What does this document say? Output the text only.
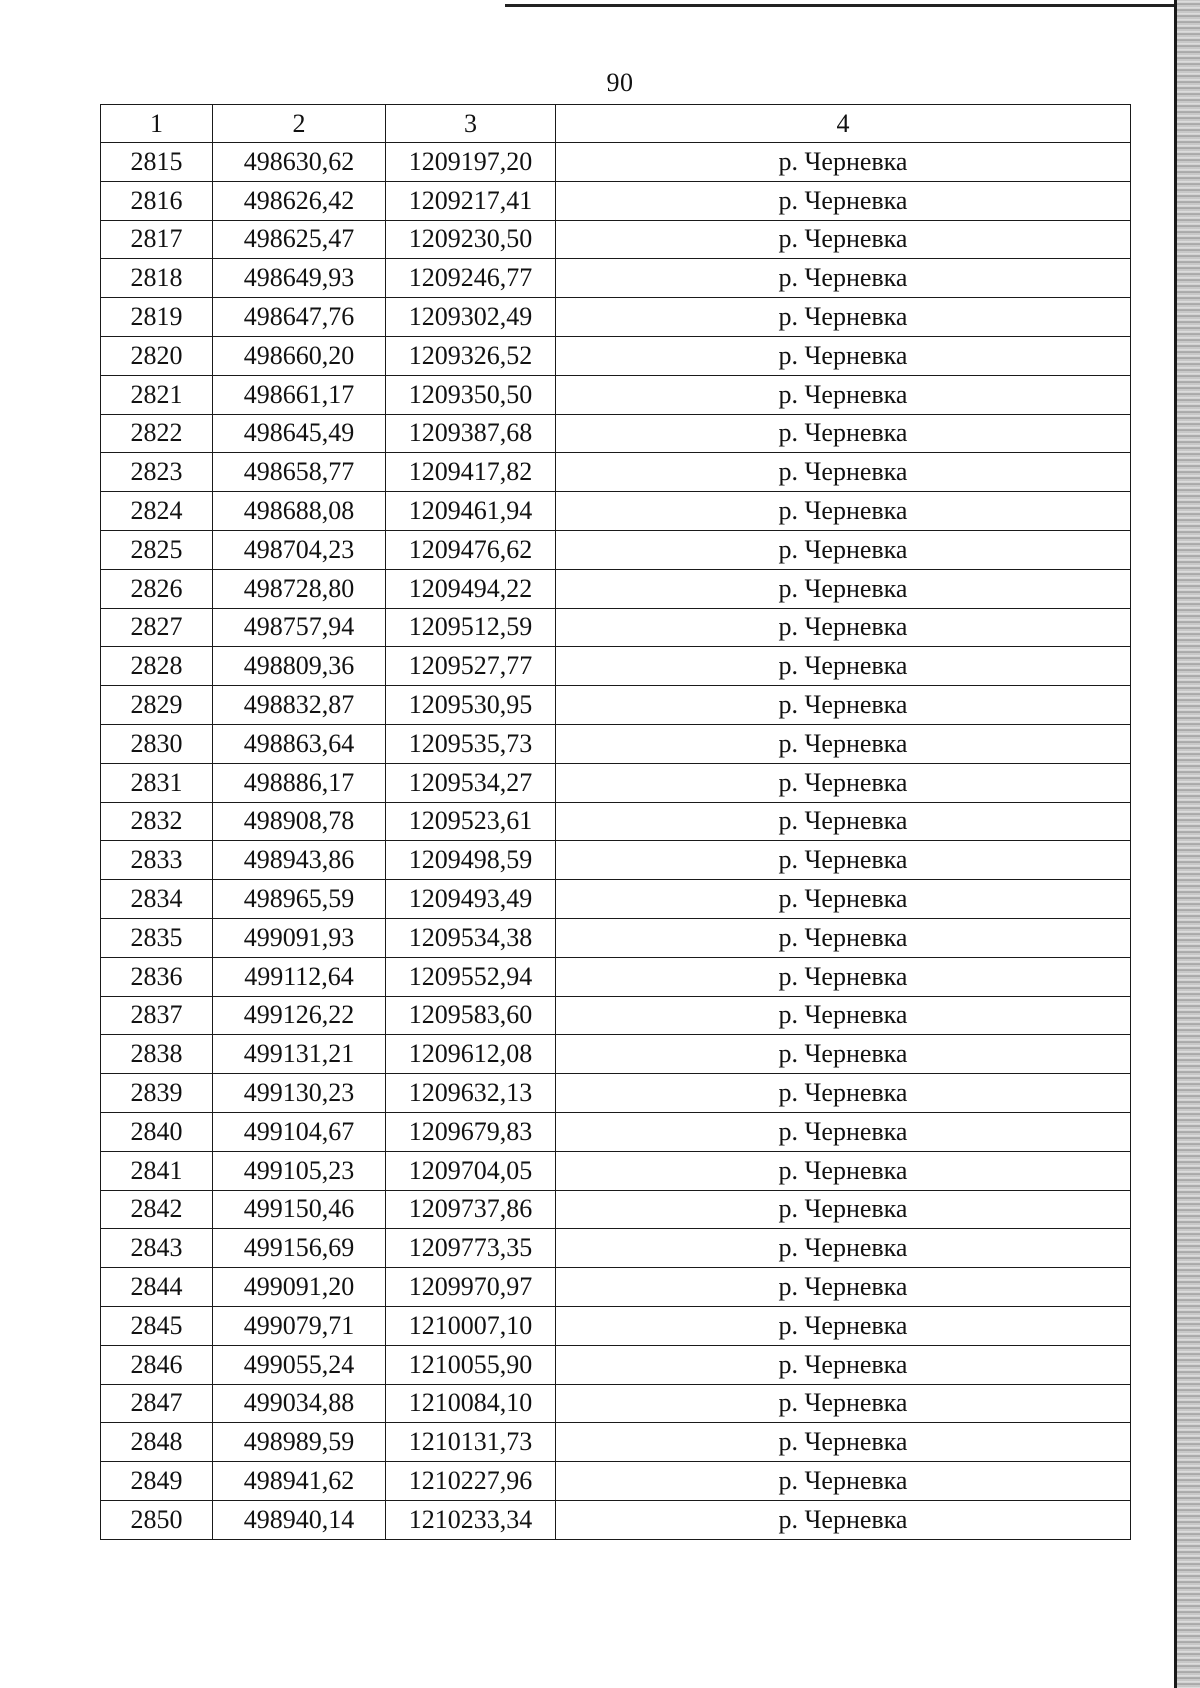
90
1	2	3	4
2815	498630,62	1209197,20	р. Черневка
2816	498626,42	1209217,41	р. Черневка
2817	498625,47	1209230,50	р. Черневка
2818	498649,93	1209246,77	р. Черневка
2819	498647,76	1209302,49	р. Черневка
2820	498660,20	1209326,52	р. Черневка
2821	498661,17	1209350,50	р. Черневка
2822	498645,49	1209387,68	р. Черневка
2823	498658,77	1209417,82	р. Черневка
2824	498688,08	1209461,94	р. Черневка
2825	498704,23	1209476,62	р. Черневка
2826	498728,80	1209494,22	р. Черневка
2827	498757,94	1209512,59	р. Черневка
2828	498809,36	1209527,77	р. Черневка
2829	498832,87	1209530,95	р. Черневка
2830	498863,64	1209535,73	р. Черневка
2831	498886,17	1209534,27	р. Черневка
2832	498908,78	1209523,61	р. Черневка
2833	498943,86	1209498,59	р. Черневка
2834	498965,59	1209493,49	р. Черневка
2835	499091,93	1209534,38	р. Черневка
2836	499112,64	1209552,94	р. Черневка
2837	499126,22	1209583,60	р. Черневка
2838	499131,21	1209612,08	р. Черневка
2839	499130,23	1209632,13	р. Черневка
2840	499104,67	1209679,83	р. Черневка
2841	499105,23	1209704,05	р. Черневка
2842	499150,46	1209737,86	р. Черневка
2843	499156,69	1209773,35	р. Черневка
2844	499091,20	1209970,97	р. Черневка
2845	499079,71	1210007,10	р. Черневка
2846	499055,24	1210055,90	р. Черневка
2847	499034,88	1210084,10	р. Черневка
2848	498989,59	1210131,73	р. Черневка
2849	498941,62	1210227,96	р. Черневка
2850	498940,14	1210233,34	р. Черневка
